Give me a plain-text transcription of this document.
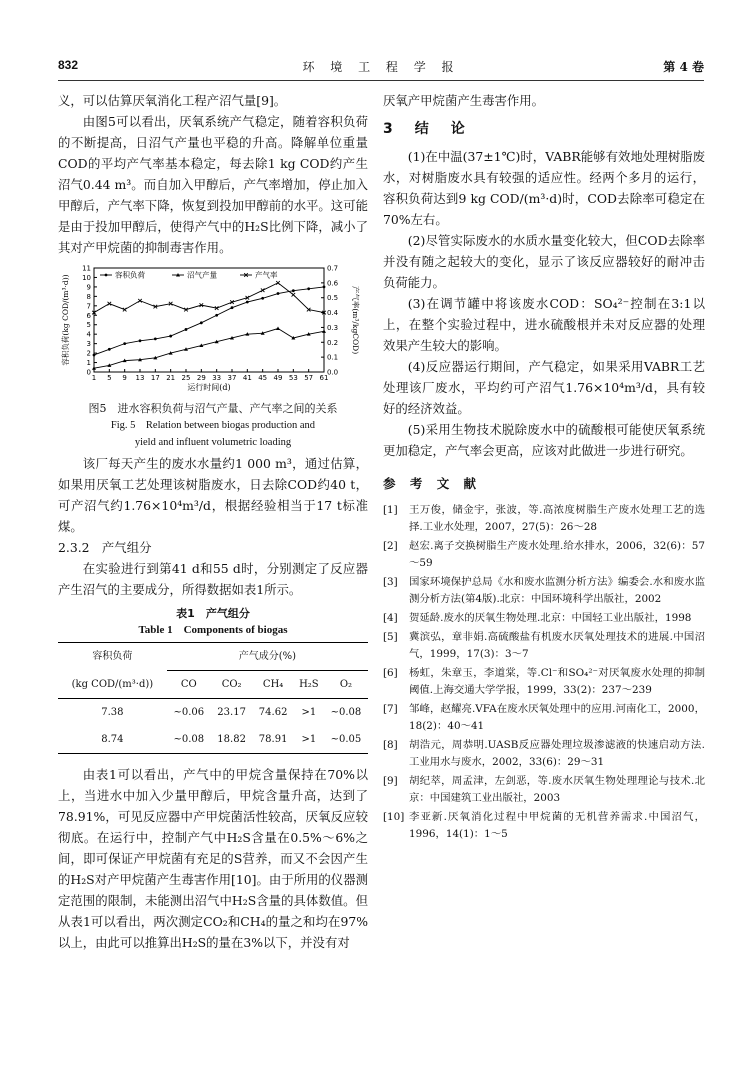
832	环 境 工 程 学 报	第 4 卷

义，可以估算厌氧消化工程产沼气量[9]。

由图5可以看出，厌氧系统产气稳定，随着容积负荷的不断提高，日沼气产量也平稳的升高。降解单位重量COD的平均产气率基本稳定，每去除1 kg COD约产生沼气0.44 m³。而自加入甲醇后，产气率增加，停止加入甲醇后，产气率下降，恢复到投加甲醇前的水平。这可能是由于投加甲醇后，使得产气中的H₂S比例下降，减小了其对产甲烷菌的抑制毒害作用。

0
1
2
3
4
5
6
7
8
9
10
11
0.0
0.1
0.2
0.3
0.4
0.5
0.6
0.7
1 5 9 13 17 21 25 29 33 37 41 45 49 53 57 61
运行时间(d)
容积负荷(kg COD/(m³·d))	产气率(m³/kgCOD)
容积负荷	沼气产量	产气率
图5　进水容积负荷与沼气产量、产气率之间的关系
Fig. 5　Relation between biogas production and
yield and influent volumetric loading

该厂每天产生的废水水量约1 000 m³，通过估算，如果用厌氧工艺处理该树脂废水，日去除COD约40 t，可产沼气约1.76×10⁴m³/d，根据经验相当于17 t标准煤。

2.3.2　产气组分

在实验进行到第41 d和55 d时，分别测定了反应器产生沼气的主要成分，所得数据如表1所示。

表1　产气组分
Table 1　Components of biogas
容积负荷	产气成分(%)				
(kg COD/(m³·d))	CO	CO₂	CH₄	H₂S	O₂
7.38	~0.06	23.17	74.62	>1	~0.08
8.74	~0.08	18.82	78.91	>1	~0.05

由表1可以看出，产气中的甲烷含量保持在70%以上，当进水中加入少量甲醇后，甲烷含量升高，达到了78.91%，可见反应器中产甲烷菌活性较高，厌氧反应较彻底。在运行中，控制产气中H₂S含量在0.5%～6%之间，即可保证产甲烷菌有充足的S营养，而又不会因产生的H₂S对产甲烷菌产生毒害作用[10]。由于所用的仪器测定范围的限制，未能测出沼气中H₂S含量的具体数值。但从表1可以看出，两次测定CO₂和CH₄的量之和均在97%以上，由此可以推算出H₂S的量在3%以下，并没有对

厌氧产甲烷菌产生毒害作用。

3　结　论

(1)在中温(37±1℃)时，VABR能够有效地处理树脂废水，对树脂废水具有较强的适应性。经两个多月的运行，容积负荷达到9 kg COD/(m³·d)时，COD去除率可稳定在70%左右。

(2)尽管实际废水的水质水量变化较大，但COD去除率并没有随之起较大的变化，显示了该反应器较好的耐冲击负荷能力。

(3)在调节罐中将该废水COD：SO₄²⁻控制在3:1以上，在整个实验过程中，进水硫酸根并未对反应器的处理效果产生较大的影响。

(4)反应器运行期间，产气稳定，如果采用VABR工艺处理该厂废水，平均约可产沼气1.76×10⁴m³/d，具有较好的经济效益。

(5)采用生物技术脱除废水中的硫酸根可能使厌氧系统更加稳定，产气率会更高，应该对此做进一步进行研究。

参 考 文 献
[1]	王万俊，储金宇，张波，等.高浓度树脂生产废水处理工艺的选择.工业水处理，2007，27(5)：26～28
[2]	赵宏.离子交换树脂生产废水处理.给水排水，2006，32(6)：57～59
[3]	国家环境保护总局《水和废水监测分析方法》编委会.水和废水监测分析方法(第4版).北京：中国环境科学出版社，2002
[4]	贺延龄.废水的厌氧生物处理.北京：中国轻工业出版社，1998
[5]	冀滨弘，章非娟.高硫酸盐有机废水厌氧处理技术的进展.中国沼气，1999，17(3)：3～7
[6]	杨虹，朱章玉，李道棠，等.Cl⁻和SO₄²⁻对厌氧废水处理的抑制阈值.上海交通大学学报，1999，33(2)：237～239
[7]	邹峰，赵耀亮.VFA在废水厌氧处理中的应用.河南化工，2000，18(2)：40～41
[8]	胡浩元，周恭明.UASB反应器处理垃圾渗滤液的快速启动方法.工业用水与废水，2002，33(6)：29～31
[9]	胡纪萃，周孟津，左剑恶，等.废水厌氧生物处理理论与技术.北京：中国建筑工业出版社，2003
[10] 李亚新.厌氧消化过程中甲烷菌的无机营养需求.中国沼气，1996，14(1)：1～5
